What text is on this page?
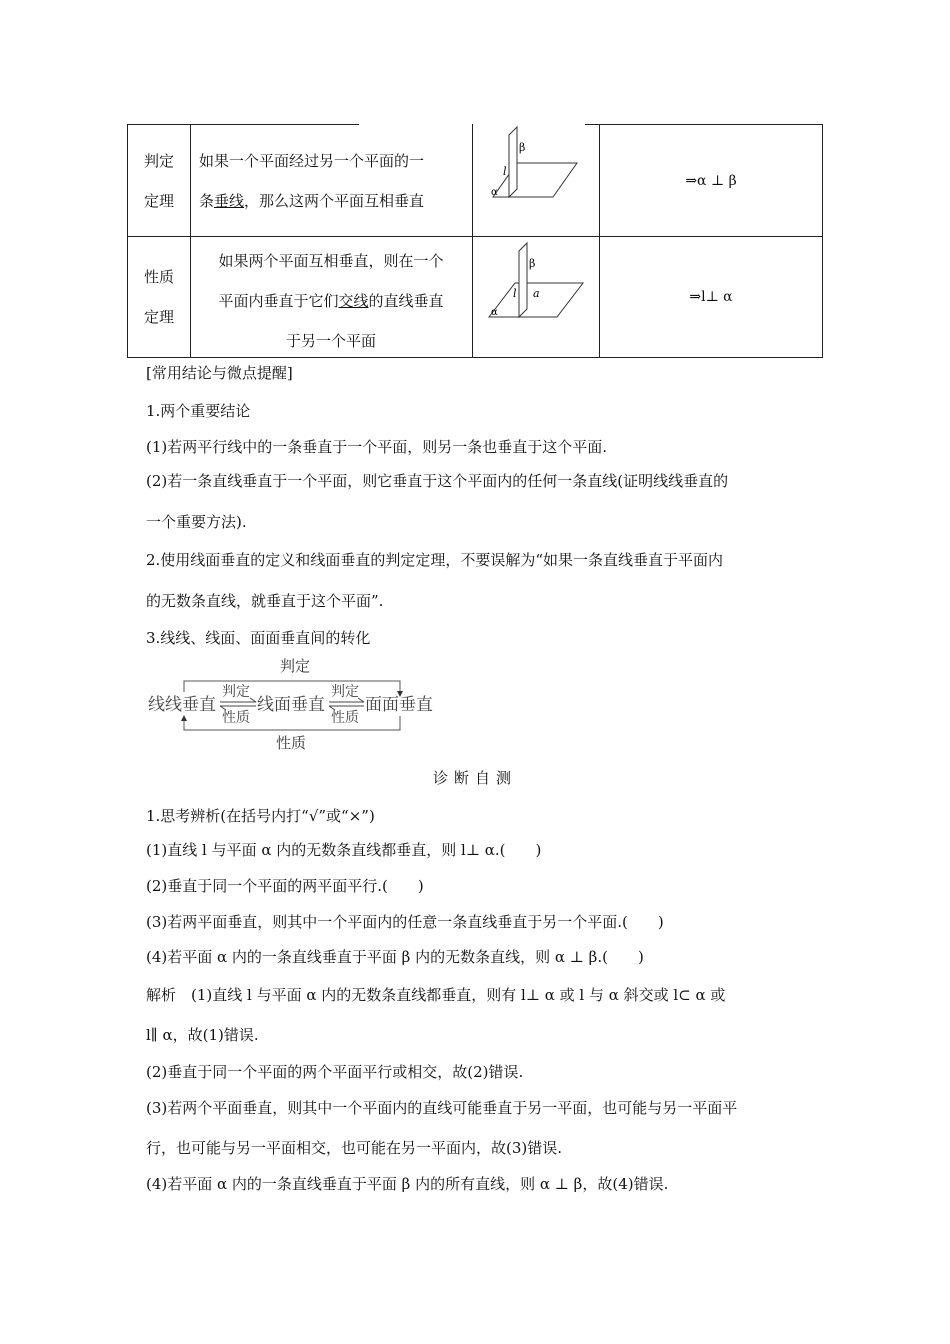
判定
定理
如果一个平面经过另一个平面的一
条垂线，那么这两个平面互相垂直
β
l
α
⇒α ⊥ β
性质
定理
如果两个平面互相垂直，则在一个
平面内垂直于它们交线的直线垂直
于另一个平面
β
l a
α
⇒l⊥ α
[常用结论与微点提醒]
1.两个重要结论
(1)若两平行线中的一条垂直于一个平面，则另一条也垂直于这个平面.
(2)若一条直线垂直于一个平面，则它垂直于这个平面内的任何一条直线(证明线线垂直的
一个重要方法).
2.使用线面垂直的定义和线面垂直的判定定理，不要误解为“如果一条直线垂直于平面内
的无数条直线，就垂直于这个平面”.
3.线线、线面、面面垂直间的转化
判定
线线垂直 线面垂直 面面垂直
判定
性质
判定
性质
性质
诊断自测
1.思考辨析(在括号内打“√”或“×”)
(1)直线 l 与平面 α 内的无数条直线都垂直，则 l⊥ α.(　　)
(2)垂直于同一个平面的两平面平行.(　　)
(3)若两平面垂直，则其中一个平面内的任意一条直线垂直于另一个平面.(　　)
(4)若平面 α 内的一条直线垂直于平面 β 内的无数条直线，则 α ⊥ β.(　　)
解析　(1)直线 l 与平面 α 内的无数条直线都垂直，则有 l⊥ α 或 l 与 α 斜交或 l⊂ α 或
l∥ α，故(1)错误.
(2)垂直于同一个平面的两个平面平行或相交，故(2)错误.
(3)若两个平面垂直，则其中一个平面内的直线可能垂直于另一平面，也可能与另一平面平
行，也可能与另一平面相交，也可能在另一平面内，故(3)错误.
(4)若平面 α 内的一条直线垂直于平面 β 内的所有直线，则 α ⊥ β，故(4)错误.
